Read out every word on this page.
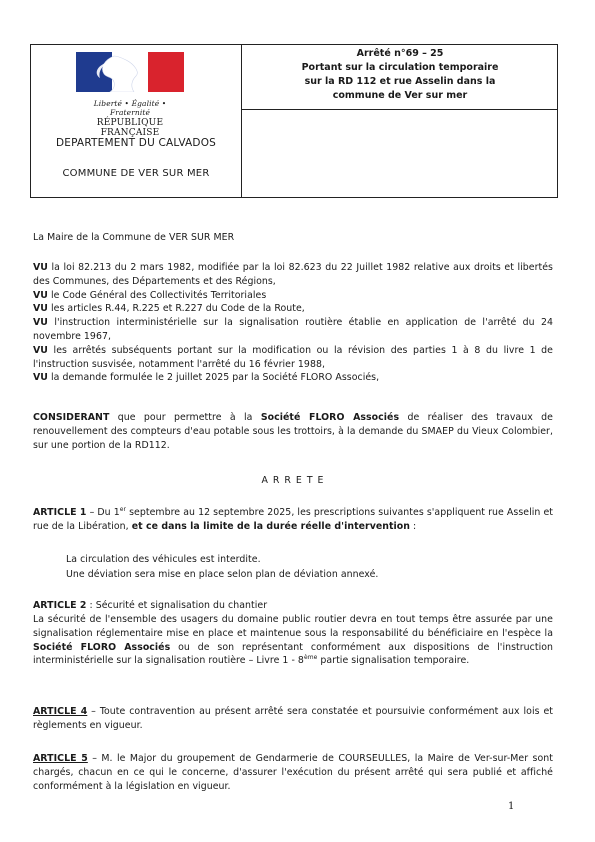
Liberté • Égalité • Fraternité
RÉPUBLIQUE FRANÇAISE
DEPARTEMENT DU CALVADOS
COMMUNE DE VER SUR MER
Arrêté n°69 – 25
Portant sur la circulation temporaire
sur la RD 112 et rue Asselin dans la
commune de Ver sur mer
La Maire de la Commune de VER SUR MER
VU la loi 82.213 du 2 mars 1982, modifiée par la loi 82.623 du 22 Juillet 1982 relative aux droits et libertés des Communes, des Départements et des Régions,
VU le Code Général des Collectivités Territoriales
VU les articles R.44, R.225 et R.227 du Code de la Route,
VU l'instruction interministérielle sur la signalisation routière établie en application de l'arrêté du 24 novembre 1967,
VU les arrêtés subséquents portant sur la modification ou la révision des parties 1 à 8 du livre 1 de l'instruction susvisée, notamment l'arrêté du 16 février 1988,
VU la demande formulée le 2 juillet 2025 par la Société FLORO Associés,
CONSIDERANT que pour permettre à la Société FLORO Associés de réaliser des travaux de renouvellement des compteurs d'eau potable sous les trottoirs, à la demande du SMAEP du Vieux Colombier, sur une portion de la RD112.
A R R E T E
ARTICLE 1 – Du 1er septembre au 12 septembre 2025, les prescriptions suivantes s'appliquent rue Asselin et rue de la Libération, et ce dans la limite de la durée réelle d'intervention :
La circulation des véhicules est interdite.
Une déviation sera mise en place selon plan de déviation annexé.
ARTICLE 2 : Sécurité et signalisation du chantier
La sécurité de l'ensemble des usagers du domaine public routier devra en tout temps être assurée par une signalisation réglementaire mise en place et maintenue sous la responsabilité du bénéficiaire en l'espèce la Société FLORO Associés ou de son représentant conformément aux dispositions de l'instruction interministérielle sur la signalisation routière – Livre 1 - 8ème partie signalisation temporaire.
ARTICLE 4 – Toute contravention au présent arrêté sera constatée et poursuivie conformément aux lois et règlements en vigueur.
ARTICLE 5 – M. le Major du groupement de Gendarmerie de COURSEULLES, la Maire de Ver-sur-Mer sont chargés, chacun en ce qui le concerne, d'assurer l'exécution du présent arrêté qui sera publié et affiché conformément à la législation en vigueur.
1
